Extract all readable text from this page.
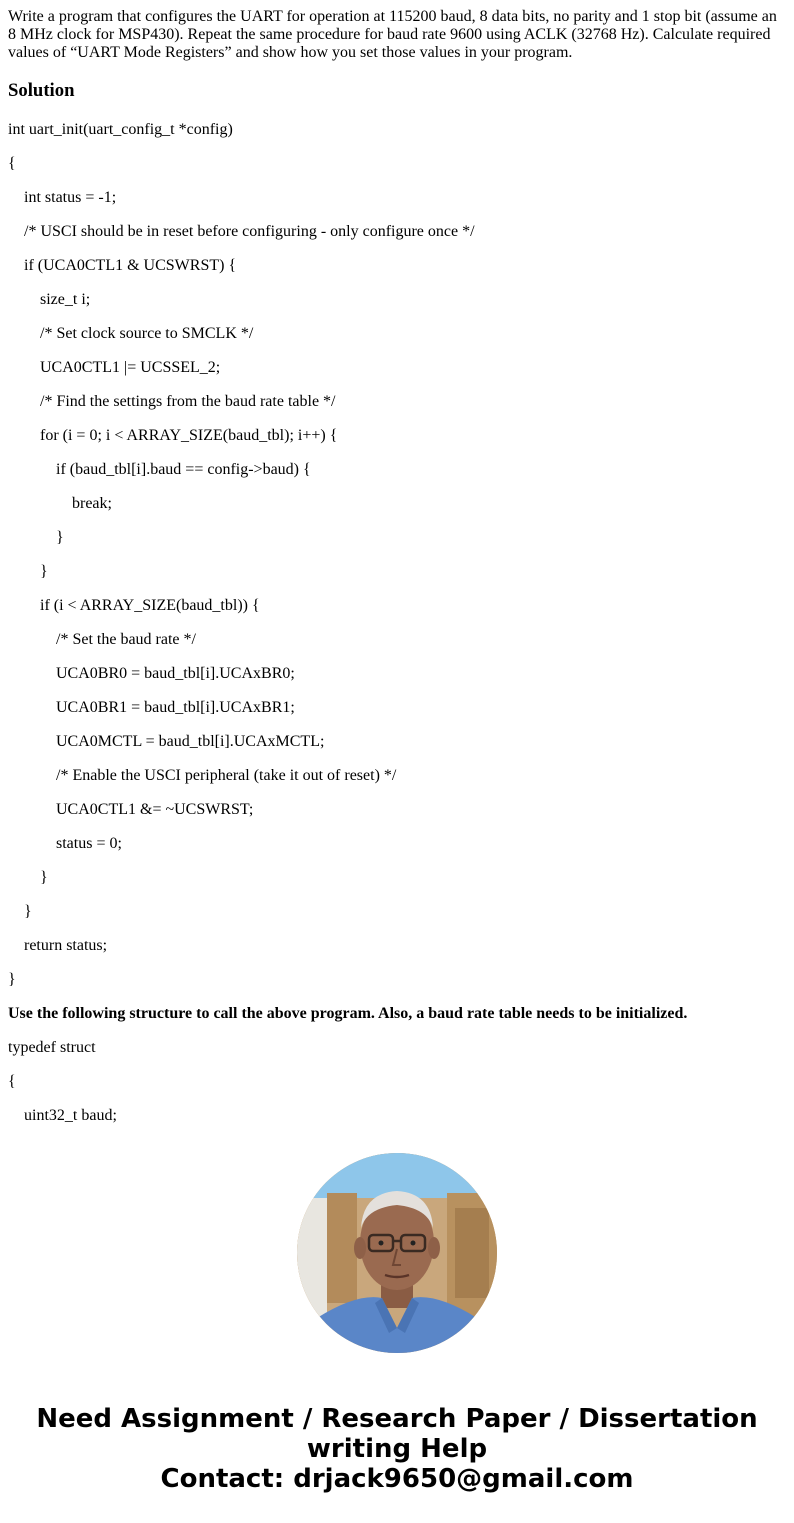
Write a program that configures the UART for operation at 115200 baud, 8 data bits, no parity and 1 stop bit (assume an 8 MHz clock for MSP430). Repeat the same procedure for baud rate 9600 using ACLK (32768 Hz). Calculate required values of “UART Mode Registers” and show how you set those values in your program.

Solution

int uart_init(uart_config_t *config)

{

int status = -1;

/* USCI should be in reset before configuring - only configure once */

if (UCA0CTL1 & UCSWRST) {

size_t i;

/* Set clock source to SMCLK */

UCA0CTL1 |= UCSSEL_2;

/* Find the settings from the baud rate table */

for (i = 0; i < ARRAY_SIZE(baud_tbl); i++) {

if (baud_tbl[i].baud == config->baud) {

break;

}

}

if (i < ARRAY_SIZE(baud_tbl)) {

/* Set the baud rate */

UCA0BR0 = baud_tbl[i].UCAxBR0;

UCA0BR1 = baud_tbl[i].UCAxBR1;

UCA0MCTL = baud_tbl[i].UCAxMCTL;

/* Enable the USCI peripheral (take it out of reset) */

UCA0CTL1 &= ~UCSWRST;

status = 0;

}

}

return status;

}

Use the following structure to call the above program. Also, a baud rate table needs to be initialized.

typedef struct

{

uint32_t baud;

Need Assignment / Research Paper / Dissertation
writing Help
Contact: drjack9650@gmail.com
